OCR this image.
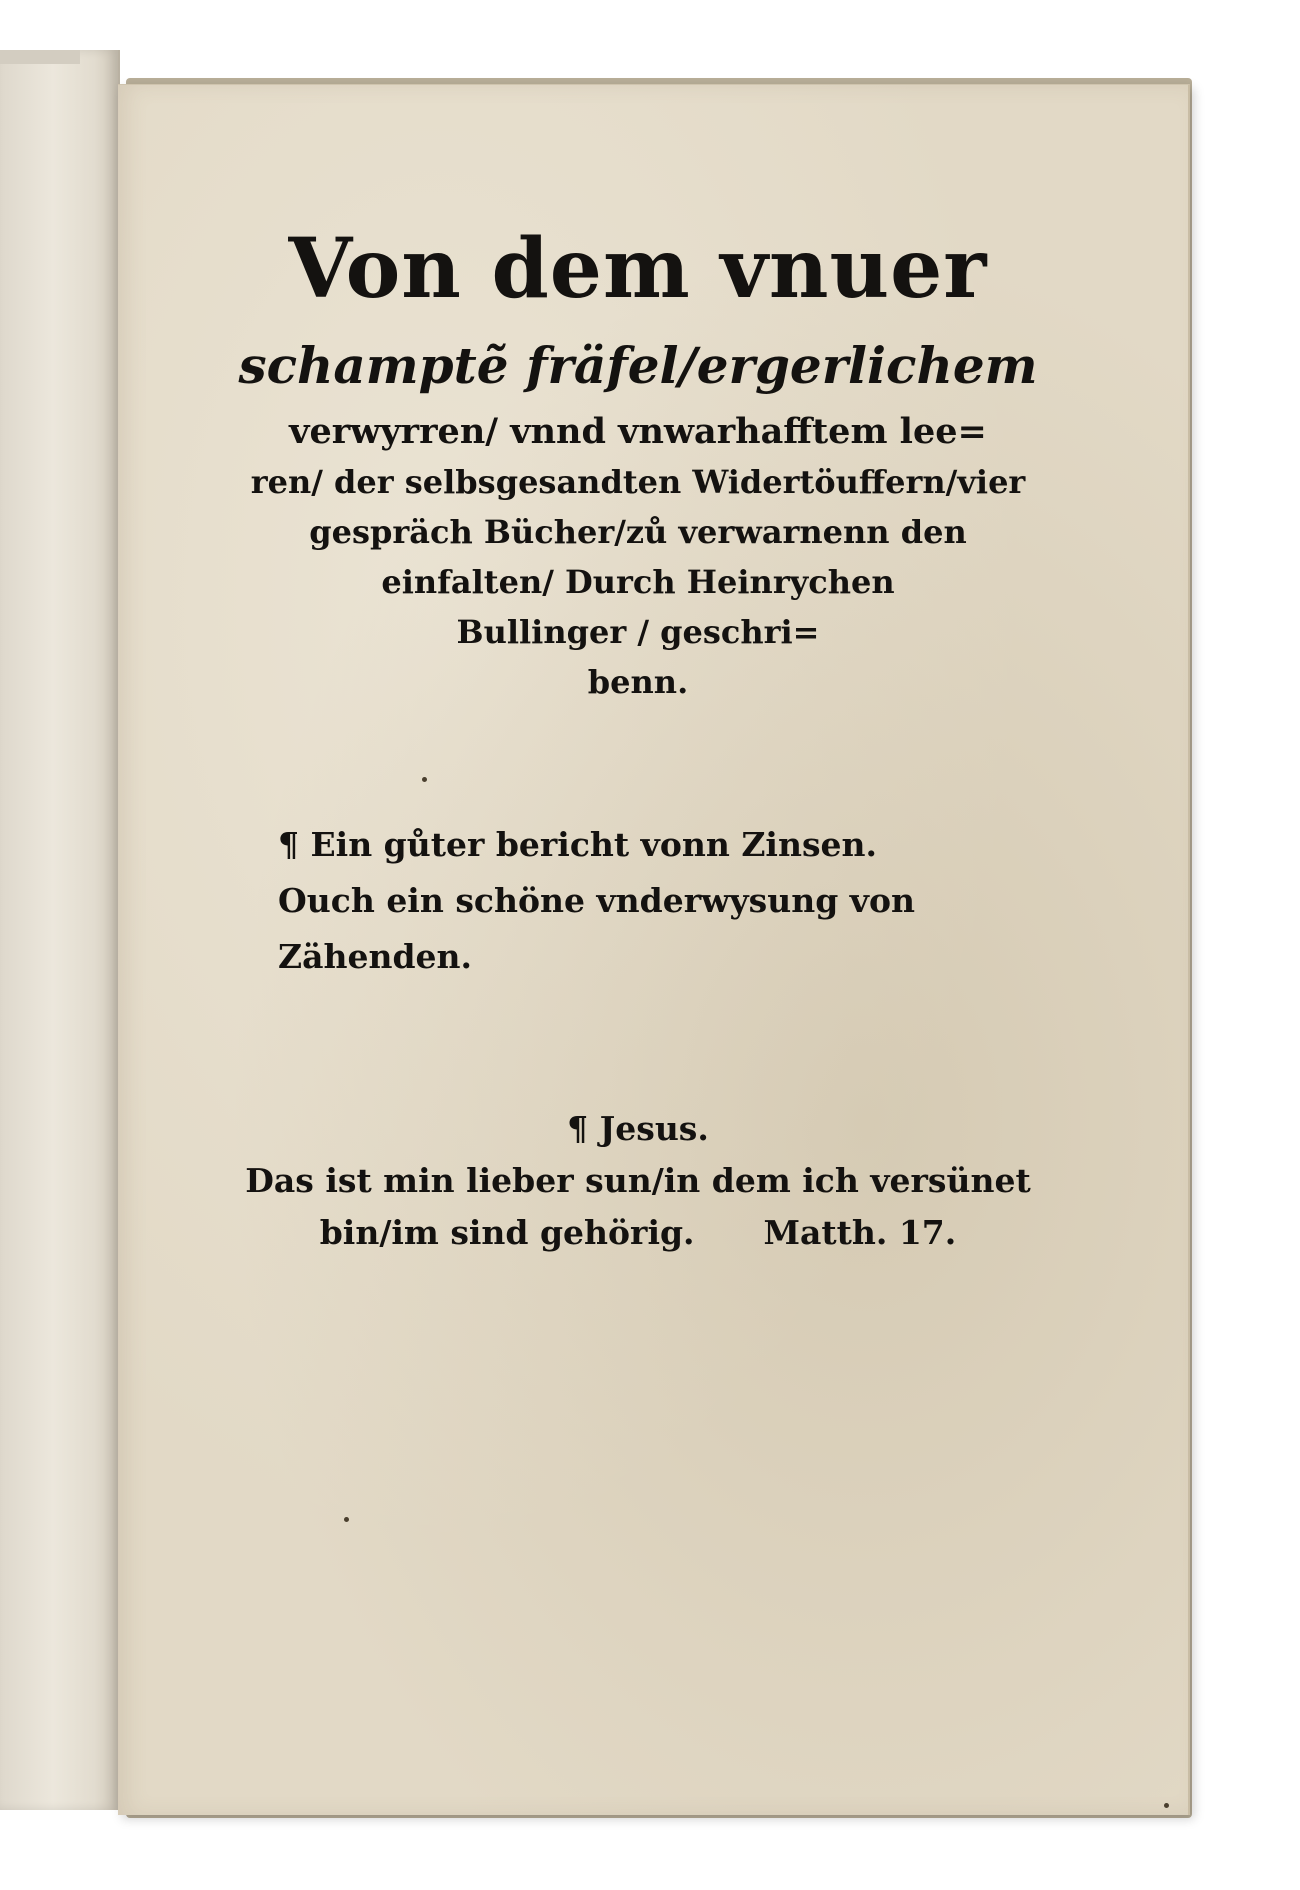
Von dem vnuer
schamptẽ fräfel/ergerlichem
verwyrren/ vnnd vnwarhafftem lee=
ren/ der selbsgesandten Widertöuffern/vier
gespräch Bücher/zů verwarnenn den
einfalten/ Durch Heinrychen
Bullinger / geschri=
benn.
¶ Ein gůter bericht vonn Zinsen.
Ouch ein schöne vnderwysung von
Zähenden.
¶ Jesus.
Das ist min lieber sun/in dem ich versünet
bin/im sind gehörig.      Matth. 17.
